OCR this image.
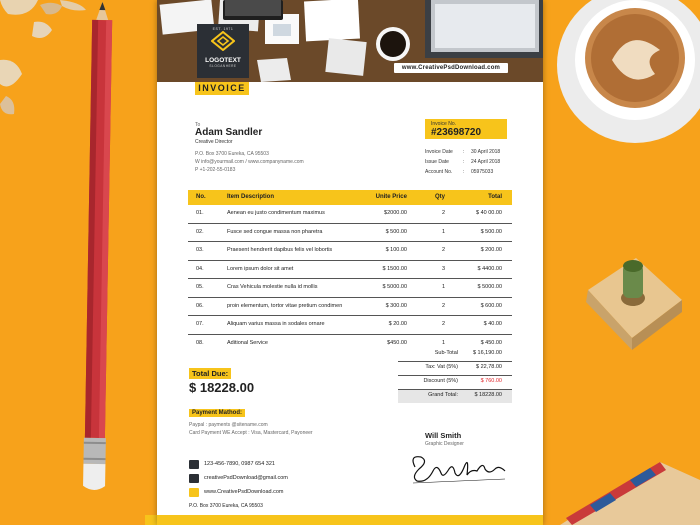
EST. 1971
LOGOTEXT
SLOGANHERE	www.CreativePsdDownload.com
INVOICE
To
Adam Sandler
Creative Director
P.O. Box 3700 Eureka, CA 95503
W info@yourmail.com / www.companyname.com
P +1-202-55-0183
Invoice No.
#23698720
Invoice Date : 30 April 2018
Issue Date	: 24 April 2018
Account No. : 05975033
No.	Item Description	Unite Price	Qty	Total
01.	Aenean eu justo condimentum maximus	$2000.00	2	$ 40 00.00
02.	Fusce sed congue massa non pharetra	$ 500.00	1	$ 500.00
03.	Praesent hendrerit dapibus felis vel lobortis	$ 100.00	2	$ 200.00
04.	Lorem ipsum dolor sit amet	$ 1500.00	3	$ 4400.00
05.	Cras Vehicula molestie nulla id mollis	$ 5000.00	1	$ 5000.00
06.	proin elementum, tortor vitae pretium condimen	$ 300.00	2	$ 600.00
07.	Aliquam varius massa in sodales ornare	$ 20.00	2	$ 40.00
08.	Aditional Service	$450.00	1	$ 450.00
Sub-Total	$ 16,190.00
Tax: Vat (5%)	$ 22,78.00
Discount (5%)	$ 760.00
Grand Total:	$ 18228.00
Total Due:
$ 18228.00
Payment Mathod:
Paypal : payments @sitename.com
Card Payment WE Accept : Visa, Mastercard, Payoneer	Will Smith
Graphic Designer
123-456-7890, 0987 654 321
creativePsdDownload@gmail.com
www.CreativePsdDownload.com
P.O. Box 3700 Eureka, CA 95503
